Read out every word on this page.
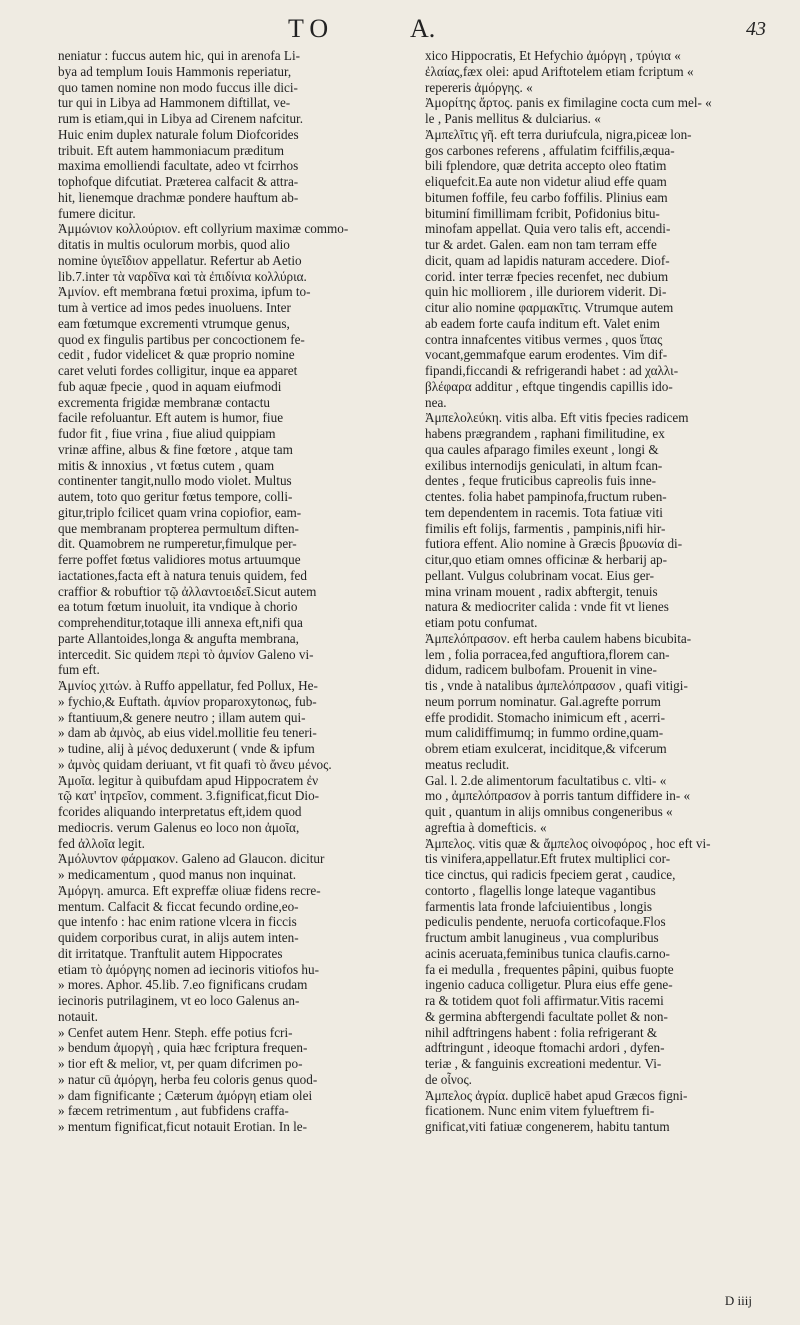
TO	A.	43
neniatur : fuccus autem hic, qui in arenofa Li-
bya ad templum Iouis Hammonis reperiatur,
quo tamen nomine non modo fuccus ille dici-
tur qui in Libya ad Hammonem diftillat, ve-
rum is etiam,qui in Libya ad Cirenem nafcitur.
Huic enim duplex naturale folum Diofcorides
tribuit. Eft autem hammoniacum præditum
maxima emolliendi facultate, adeo vt fcirrhos
tophofque difcutiat. Præterea calfacit & attra-
hit, lienemque drachmæ pondere hauftum ab-
fumere dicitur.
Ἀμμώνιον κολλούριον. eft collyrium maximæ commo-
ditatis in multis oculorum morbis, quod alio
nomine ὑγιεῖδιον appellatur. Refertur ab Aetio
lib.7.inter τὰ ναρδῖνα καὶ τὰ ἐπιδίνια κολλύρια.
Ἀμνίον. eft membrana fœtui proxima, ipfum to-
tum à vertice ad imos pedes inuoluens. Inter
eam fœtumque excrementi vtrumque genus,
quod ex fingulis partibus per concoctionem fe-
cedit , fudor videlicet & quæ proprio nomine
caret veluti fordes colligitur, inque ea apparet
fub aquæ fpecie , quod in aquam eiufmodi
excrementa frigidæ membranæ contactu
facile refoluantur. Eft autem is humor, fiue
fudor fit , fiue vrina , fiue aliud quippiam
vrinæ affine, albus & fine fœtore , atque tam
mitis & innoxius , vt fœtus cutem , quam
continenter tangit,nullo modo violet. Multus
autem, toto quo geritur fœtus tempore, colli-
gitur,triplo fcilicet quam vrina copiofior, eam-
que membranam propterea permultum diften-
dit. Quamobrem ne rumperetur,fimulque per-
ferre poffet fœtus validiores motus artuumque
iactationes,facta eft à natura tenuis quidem, fed
craffior & robuftior τῷ ἀλλαντοειδεῖ.Sicut autem
ea totum fœtum inuoluit, ita vndique à chorio
comprehenditur,totaque illi annexa eft,nifi qua
parte Allantoides,longa & angufta membrana,
intercedit. Sic quidem περὶ τὸ ἀμνίον Galeno vi-
fum eft.
Ἀμνίος χιτών. à Ruffo appellatur, fed Pollux, He-
» fychio,& Euftath. ἀμνίον proparoxytonως, fub-
» ftantiuum,& genere neutro ; illam autem qui-
» dam ab ἀμνὸς, ab eius videl.mollitie feu teneri-
» tudine, alij à μένος deduxerunt ( vnde & ipfum
» ἀμνὸς quidam deriuant, vt fit quafi τὸ ἄνευ μένος.
Ἀμοῖα. legitur à quibufdam apud Hippocratem ἐν
τῷ κατ' ἰητρεῖον, comment. 3.fignificat,ficut Dio-
fcorides aliquando interpretatus eft,idem quod
mediocris. verum Galenus eo loco non ἀμοῖα,
fed ἀλλοῖα legit.
Ἀμόλυντον φάρμακον. Galeno ad Glaucon. dicitur
» medicamentum , quod manus non inquinat.
Ἀμόργη. amurca. Eft expreffæ oliuæ fidens recre-
mentum. Calfacit & ficcat fecundo ordine,eo-
que intenfo : hac enim ratione vlcera in ficcis
quidem corporibus curat, in alijs autem inten-
dit irritatque. Tranftulit autem Hippocrates
etiam τὸ ἀμόργης nomen ad iecinoris vitiofos hu-
» mores. Aphor. 45.lib. 7.eo fignificans crudam
iecinoris putrilaginem, vt eo loco Galenus an-
notauit.
» Cenfet autem Henr. Steph. effe potius fcri-
» bendum ἀμοργὴ , quia hæc fcriptura frequen-
» tior eft & melior, vt, per quam difcrimen po-
» natur cū ἀμόργη, herba feu coloris genus quod-
» dam fignificante ; Cæterum ἀμόργη etiam olei
» fæcem retrimentum , aut fubfidens craffa-
» mentum fignificat,ficut notauit Erotian. In le-
xico Hippocratis, Et Hefychio ἀμόργη , τρύγια «
ἐλαίας,fæx olei: apud Ariftotelem etiam fcriptum «
repereris ἀμόργης. «
Ἀμορίτης ἄρτος. panis ex fimilagine cocta cum mel- «
le , Panis mellitus & dulciarius. «
Ἀμπελῖτις γῆ. eft terra duriufcula, nigra,piceæ lon-
gos carbones referens , affulatim fciffilis,æqua-
bili fplendore, quæ detrita accepto oleo ftatim
eliquefcit.Ea aute non videtur aliud effe quam
bitumen foffile, feu carbo foffilis. Plinius eam
bituminí fimillimam fcribit, Pofidonius bitu-
minofam appellat. Quia vero talis eft, accendi-
tur & ardet. Galen. eam non tam terram effe
dicit, quam ad lapidis naturam accedere. Diof-
corid. inter terræ fpecies recenfet, nec dubium
quin hic molliorem , ille duriorem viderit. Di-
citur alio nomine φαρμακῖτις. Vtrumque autem
ab eadem forte caufa inditum eft. Valet enim
contra innafcentes vitibus vermes , quos ἴπας
vocant,gemmafque earum erodentes. Vim dif-
fipandi,ficcandi & refrigerandi habet : ad χαλλι-
βλέφαρα additur , eftque tingendis capillis ido-
nea.
Ἀμπελολεύκη. vitis alba. Eft vitis fpecies radicem
habens prægrandem , raphani fimilitudine, ex
qua caules afparago fimiles exeunt , longi &
exilibus internodijs geniculati, in altum fcan-
dentes , feque fruticibus capreolis fuis inne-
ctentes. folia habet pampinofa,fructum ruben-
tem dependentem in racemis. Tota fatiuæ viti
fimilis eft folijs, farmentis , pampinis,nifi hir-
futiora effent. Alio nomine à Græcis βρυωνία di-
citur,quo etiam omnes officinæ & herbarij ap-
pellant. Vulgus colubrinam vocat. Eius ger-
mina vrinam mouent , radix abftergit, tenuis
natura & mediocriter calida : vnde fit vt lienes
etiam potu confumat.
Ἀμπελόπρασον. eft herba caulem habens bicubita-
lem , folia porracea,fed anguftiora,florem can-
didum, radicem bulbofam. Prouenit in vine-
tis , vnde à natalibus ἀμπελόπρασον , quafi vitigi-
neum porrum nominatur. Gal.agrefte porrum
effe prodidit. Stomacho inimicum eft , acerri-
mum calidiffimumq; in fummo ordine,quam-
obrem etiam exulcerat, inciditque,& vifcerum
meatus recludit.
Gal. l. 2.de alimentorum facultatibus c. vlti- «
mo , ἀμπελόπρασον à porris tantum diffidere in- «
quit , quantum in alijs omnibus congeneribus «
agreftia à domefticis. «
Ἀμπελος. vitis quæ & ἄμπελος οἰνοφόρος , hoc eft vi-
tis vinifera,appellatur.Eft frutex multiplici cor-
tice cinctus, qui radicis fpeciem gerat , caudice,
contorto , flagellis longe lateque vagantibus
farmentis lata fronde lafciuientibus , longis
pediculis pendente, neruofa corticofaque.Flos
fructum ambit lanugineus , vua compluribus
acinis aceruata,feminibus tunica claufis.carno-
fa ei medulla , frequentes pâpini, quibus fuopte
ingenio caduca colligetur. Plura eius effe gene-
ra & totidem quot foli affirmatur.Vitis racemi
& germina abftergendi facultate pollet & non-
nihil adftringens habent : folia refrigerant &
adftringunt , ideoque ftomachi ardori , dyfen-
teriæ , & fanguinis excreationi medentur. Vi-
de οἶνος.
Ἀμπελος ἀγρία. duplicē habet apud Græcos figni-
ficationem. Nunc enim vitem fylueftrem fi-
gnificat,viti fatiuæ congenerem, habitu tantum
D iiij
